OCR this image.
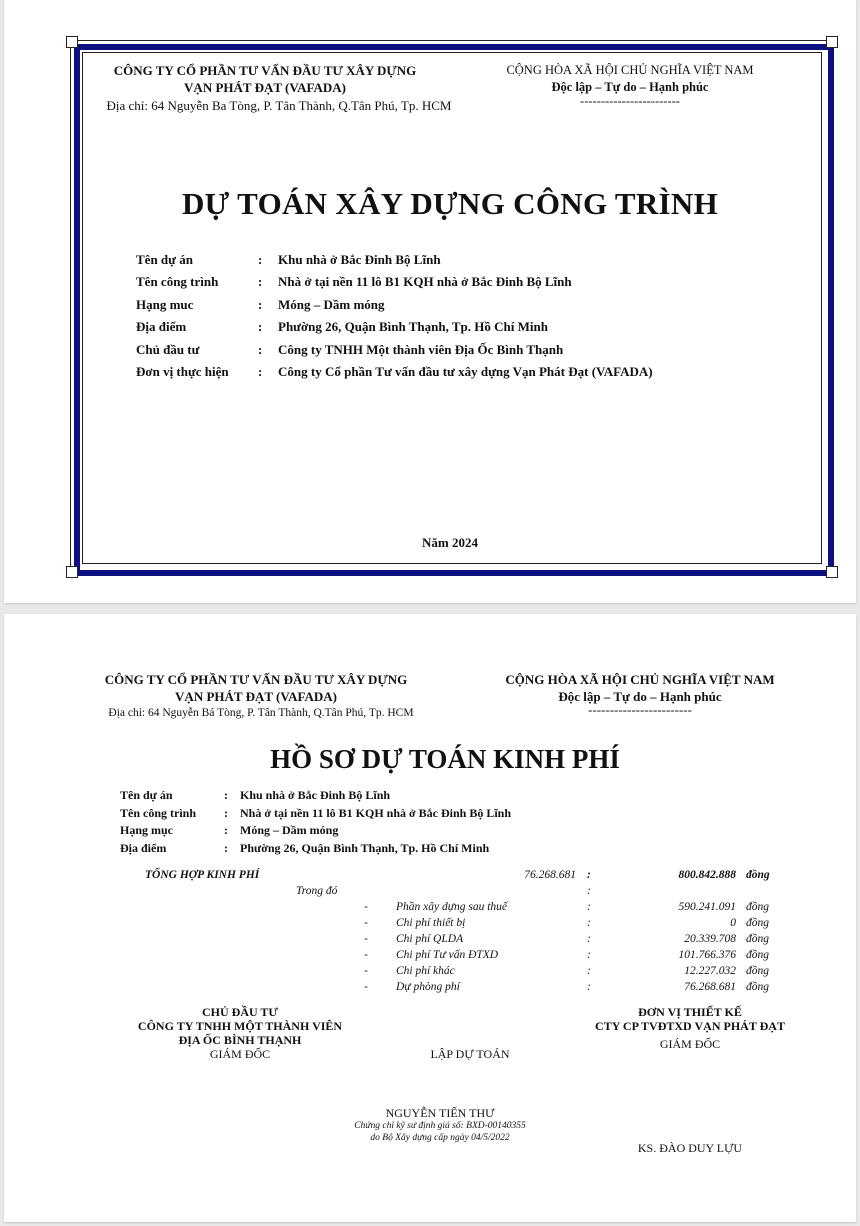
CÔNG TY CỔ PHẦN TƯ VẤN ĐẦU TƯ XÂY DỰNG
VẠN PHÁT ĐẠT (VAFADA)
Địa chỉ: 64 Nguyễn Ba Tòng, P. Tân Thành, Q.Tân Phú, Tp. HCM
CỘNG HÒA XÃ HỘI CHỦ NGHĨA VIỆT NAM
Độc lập – Tự do – Hạnh phúc
------------------------
DỰ TOÁN XÂY DỰNG CÔNG TRÌNH
Tên dự án	:	Khu nhà ở Bắc Đinh Bộ Lĩnh
Tên công trình	:	Nhà ở tại nền 11 lô B1 KQH nhà ở Bắc Đinh Bộ Lĩnh
Hạng muc	:	Móng – Dầm móng
Địa điểm	:	Phường 26, Quận Bình Thạnh, Tp. Hồ Chí Minh
Chủ đầu tư	:	Công ty TNHH Một thành viên Địa Ốc Bình Thạnh
Đơn vị thực hiện	:	Công ty Cổ phần Tư vấn đầu tư xây dựng Vạn Phát Đạt (VAFADA)
Năm 2024
CÔNG TY CỔ PHẦN TƯ VẤN ĐẦU TƯ XÂY DỰNG
VẠN PHÁT ĐẠT (VAFADA)
Địa chỉ: 64 Nguyễn Bá Tòng, P. Tân Thành, Q.Tân Phú, Tp. HCM
CỘNG HÒA XÃ HỘI CHỦ NGHĨA VIỆT NAM
Độc lập – Tự do – Hạnh phúc
------------------------
HỒ SƠ DỰ TOÁN KINH PHÍ
Tên dự án	:	Khu nhà ở Bắc Đinh Bộ Lĩnh
Tên công trình	:	Nhà ở tại nền 11 lô B1 KQH nhà ở Bắc Đinh Bộ Lĩnh
Hạng mục	:	Móng – Dầm móng
Địa điểm	:	Phường 26, Quận Bình Thạnh, Tp. Hồ Chí Minh
TỔNG HỢP KINH PHÍ	76.268.681 :	800.842.888 đồng
Trong đó	:
- Phần xây dựng sau thuế	:	590.241.091 đồng
- Chi phí thiết bị	:	0 đồng
- Chi phí QLDA	:	20.339.708 đồng
- Chi phí Tư vấn ĐTXD	:	101.766.376 đồng
- Chi phí khác	:	12.227.032 đồng
- Dự phòng phí	:	76.268.681 đồng
CHỦ ĐẦU TƯ
CÔNG TY TNHH MỘT THÀNH VIÊN
ĐỊA ỐC BÌNH THẠNH
GIÁM ĐỐC	LẬP DỰ TOÁN
NGUYỄN TIẾN THƯ
Chứng chỉ kỹ sư định giá số: BXD-00140355
do Bộ Xây dựng cấp ngày 04/5/2022
ĐƠN VỊ THIẾT KẾ
CTY CP TVĐTXD VẠN PHÁT ĐẠT
GIÁM ĐỐC
KS. ĐÀO DUY LỰU
